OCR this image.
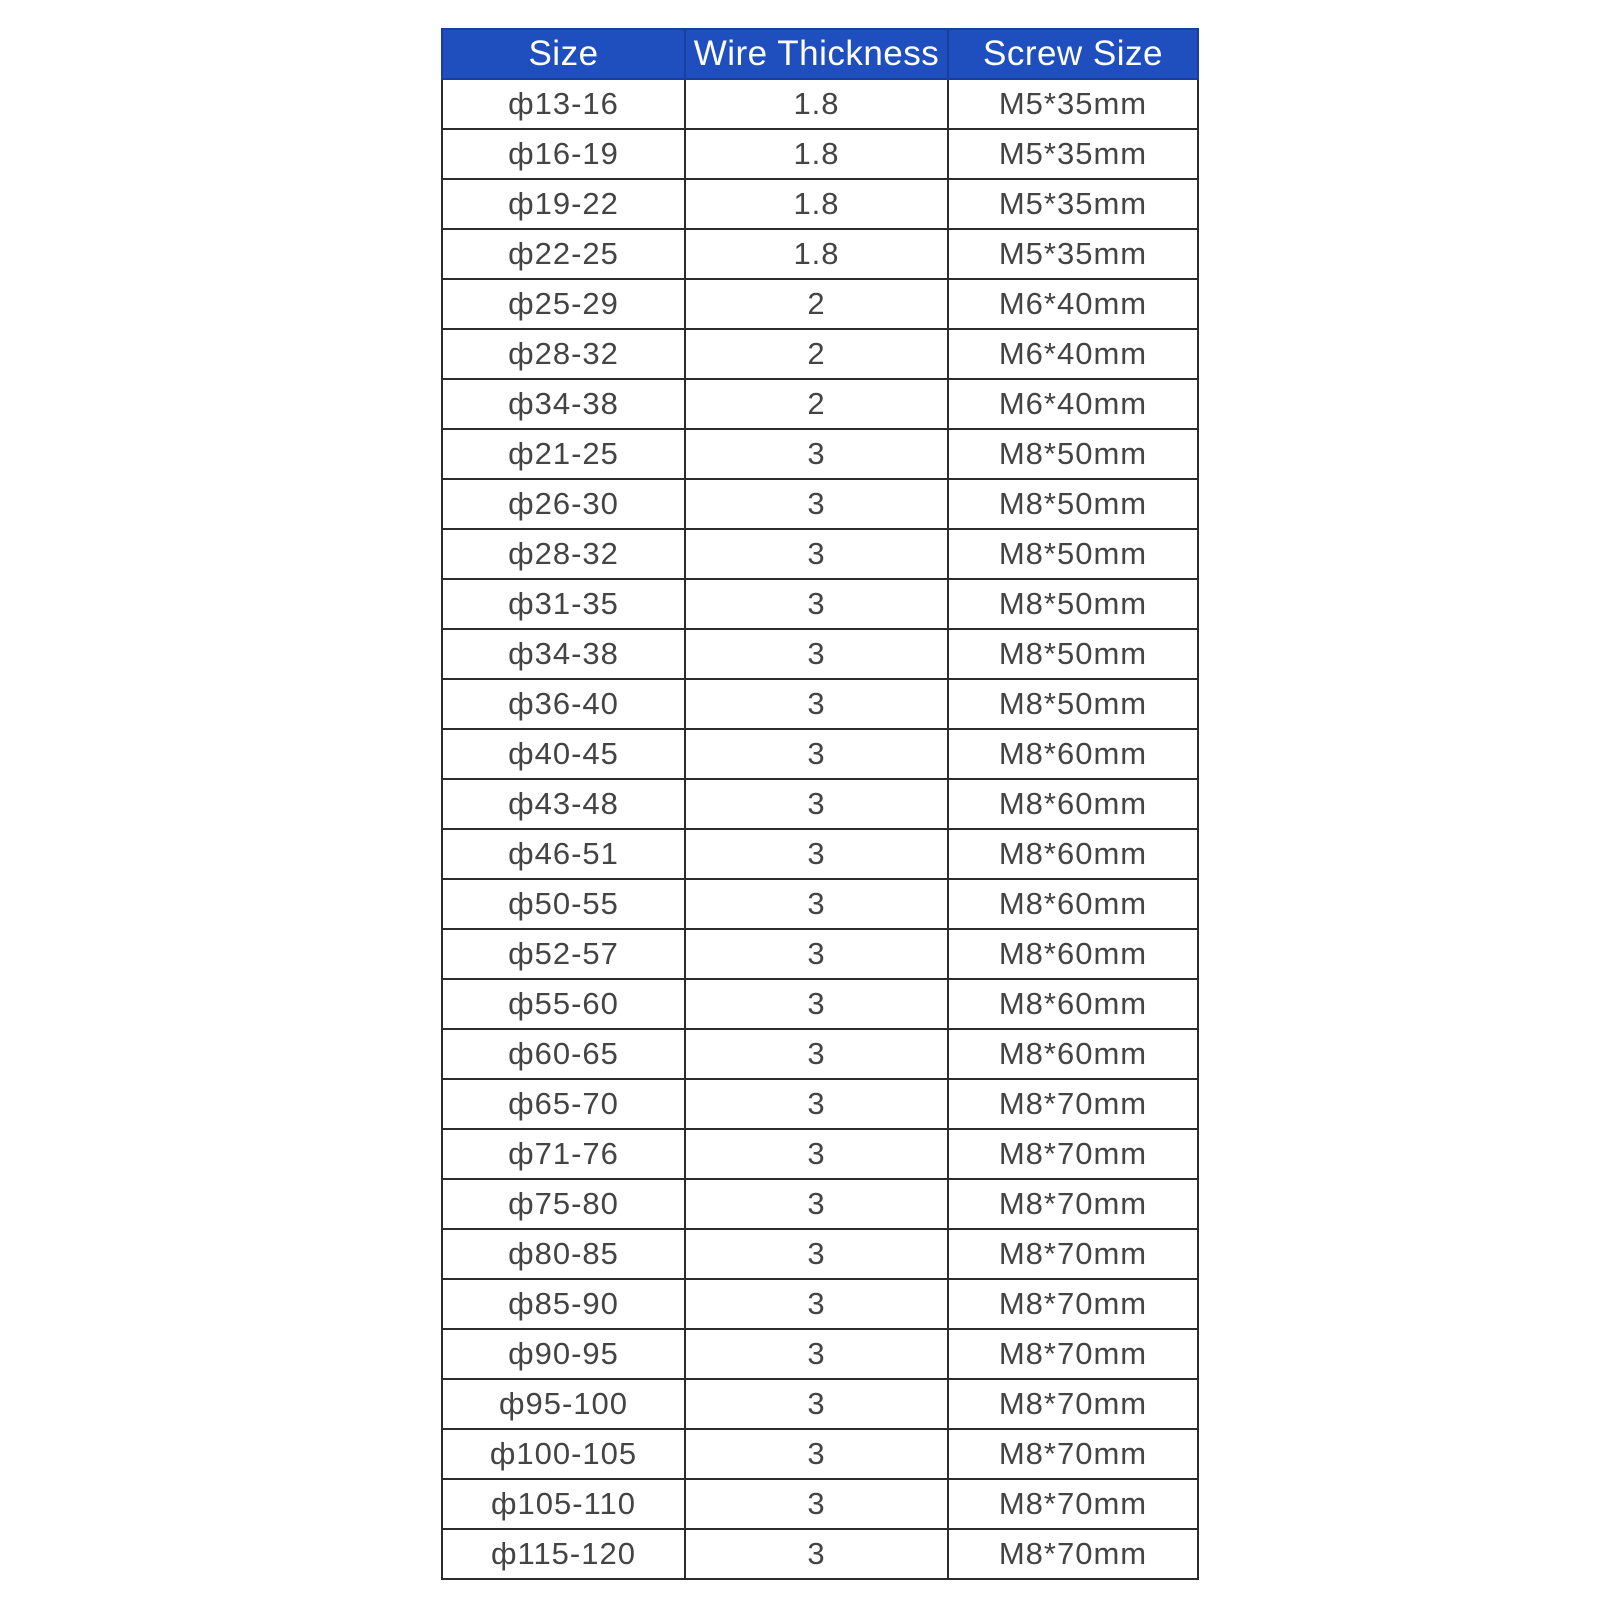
Size	Wire Thickness	Screw Size
ф13-16	1.8	M5*35mm
ф16-19	1.8	M5*35mm
ф19-22	1.8	M5*35mm
ф22-25	1.8	M5*35mm
ф25-29	2	M6*40mm
ф28-32	2	M6*40mm
ф34-38	2	M6*40mm
ф21-25	3	M8*50mm
ф26-30	3	M8*50mm
ф28-32	3	M8*50mm
ф31-35	3	M8*50mm
ф34-38	3	M8*50mm
ф36-40	3	M8*50mm
ф40-45	3	M8*60mm
ф43-48	3	M8*60mm
ф46-51	3	M8*60mm
ф50-55	3	M8*60mm
ф52-57	3	M8*60mm
ф55-60	3	M8*60mm
ф60-65	3	M8*60mm
ф65-70	3	M8*70mm
ф71-76	3	M8*70mm
ф75-80	3	M8*70mm
ф80-85	3	M8*70mm
ф85-90	3	M8*70mm
ф90-95	3	M8*70mm
ф95-100	3	M8*70mm
ф100-105	3	M8*70mm
ф105-110	3	M8*70mm
ф115-120	3	M8*70mm
